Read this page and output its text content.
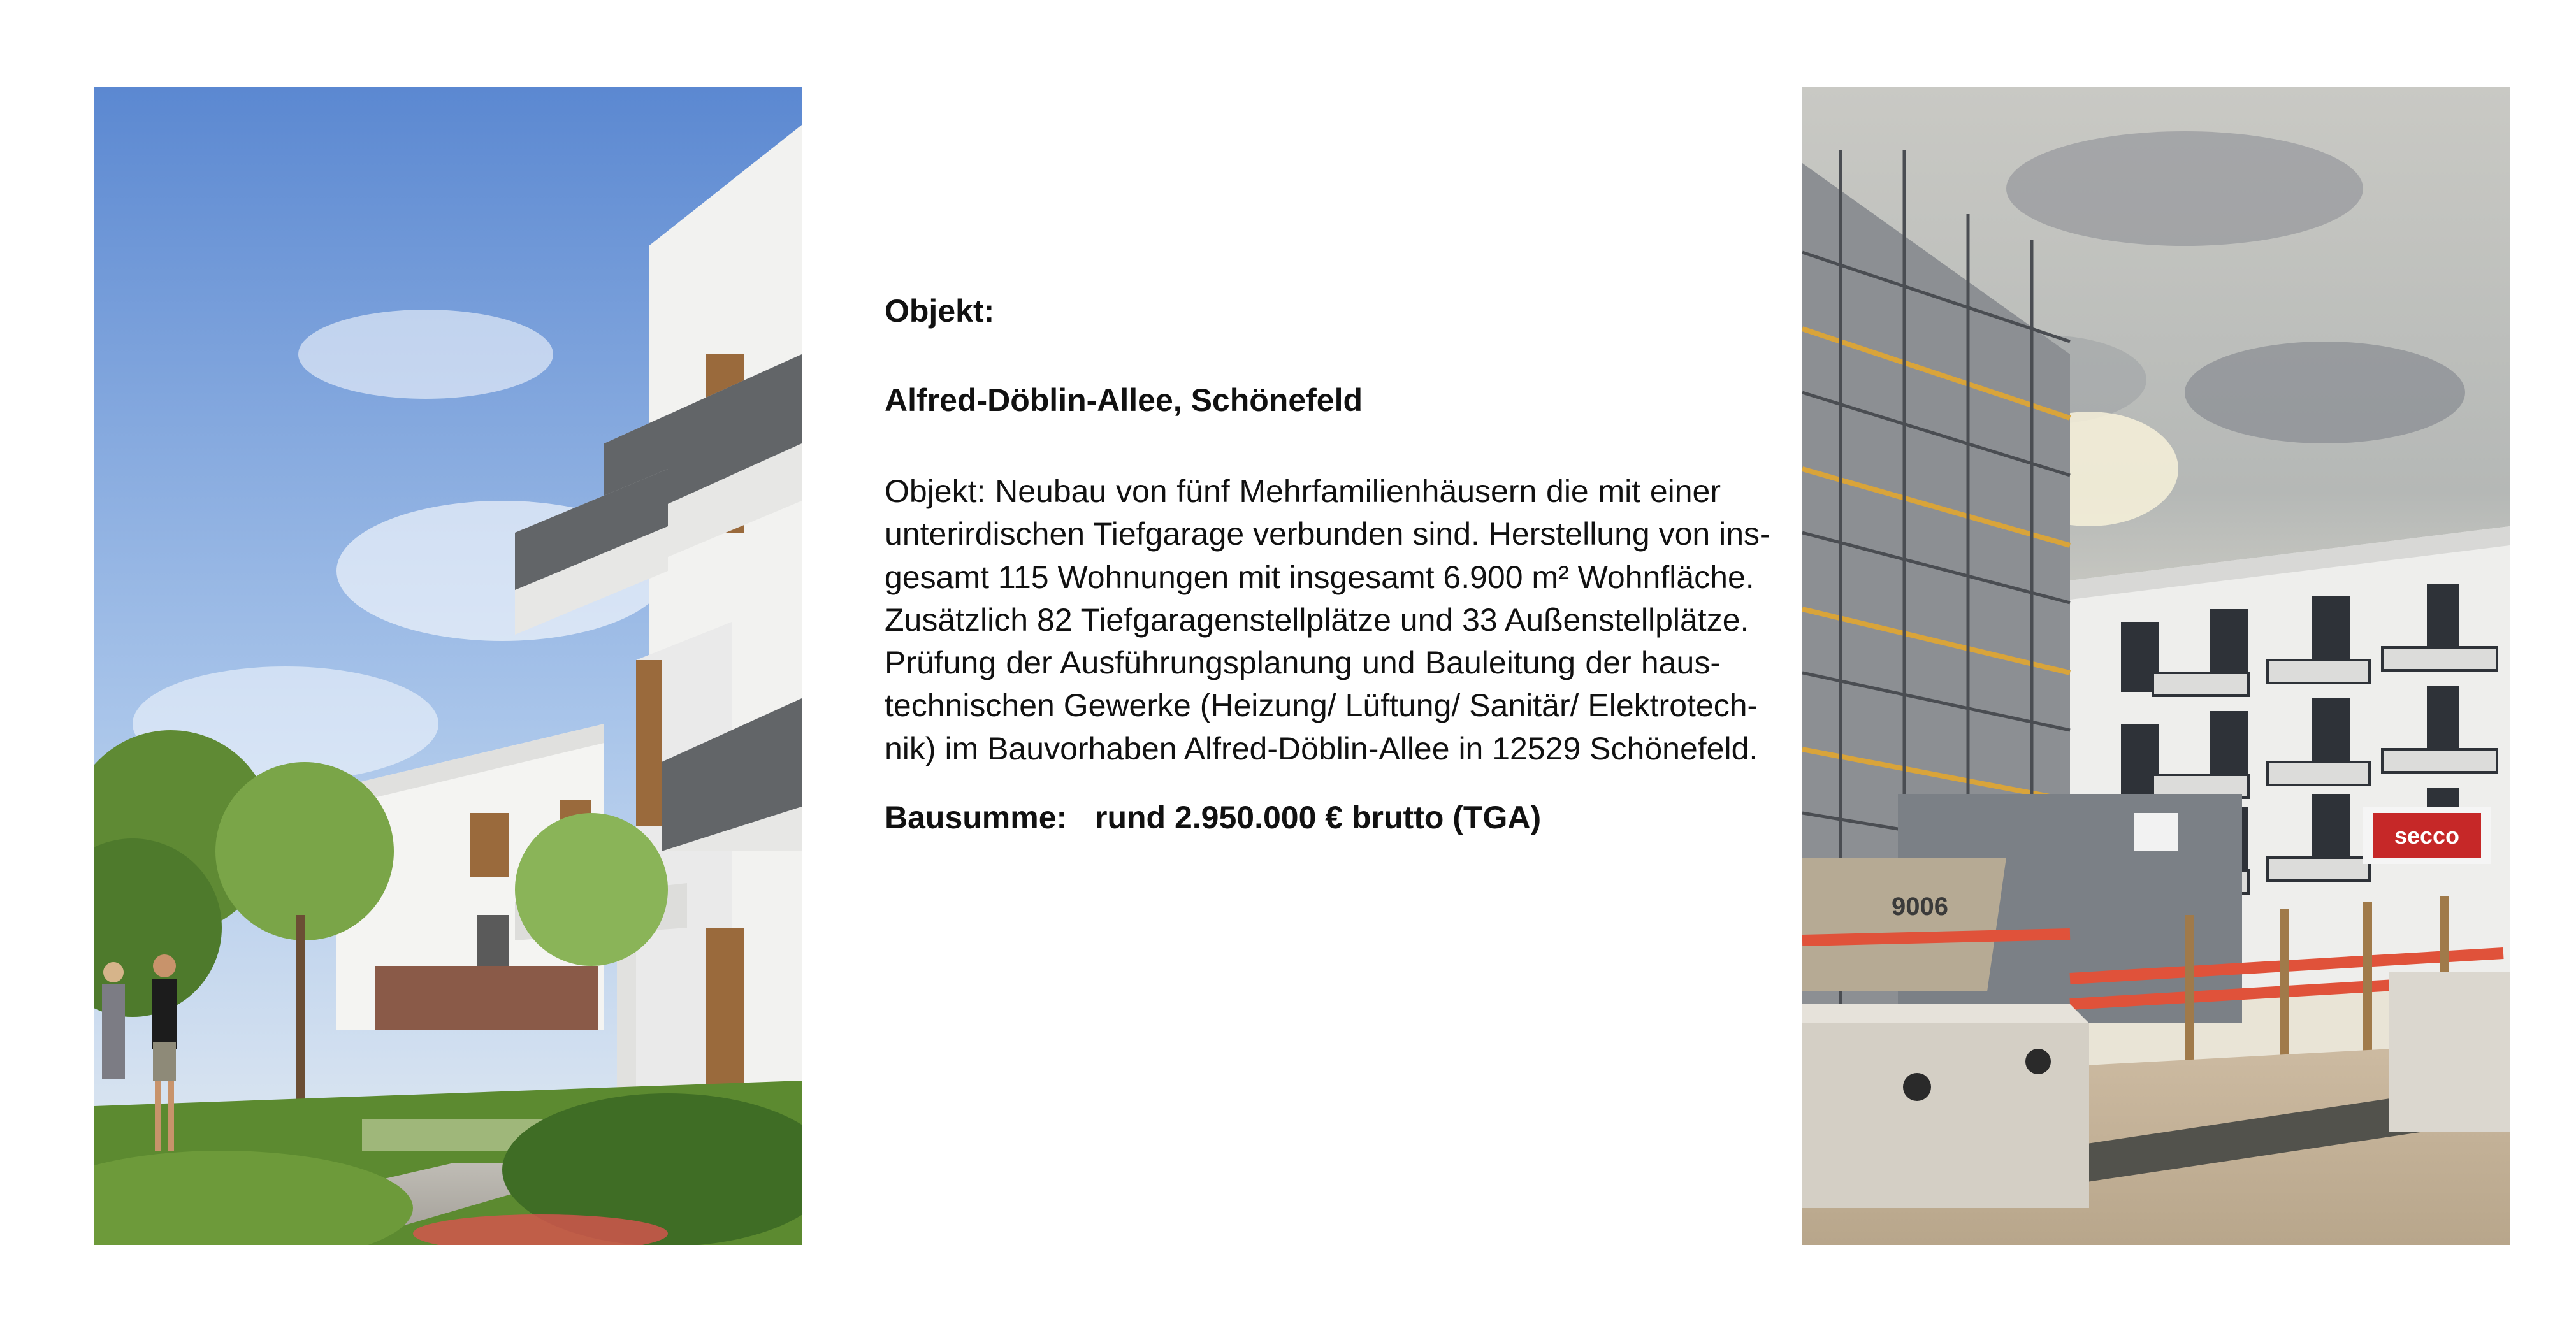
Objekt:

Alfred-Döblin-Allee, Schönefeld

Objekt: Neubau von fünf Mehrfamilienhäusern die mit einer
unterirdischen Tiefgarage verbunden sind. Herstellung von ins-
gesamt 115 Wohnungen mit insgesamt 6.900 m² Wohnfläche.
Zusätzlich 82 Tiefgaragenstellplätze und 33 Außenstellplätze.
Prüfung der Ausführungsplanung und Bauleitung der haus-
technischen Gewerke (Heizung/ Lüftung/ Sanitär/ Elektrotech-
nik) im Bauvorhaben Alfred-Döblin-Allee in 12529 Schönefeld.
Bausumme: rund 2.950.000 € brutto (TGA)
secco
9006
